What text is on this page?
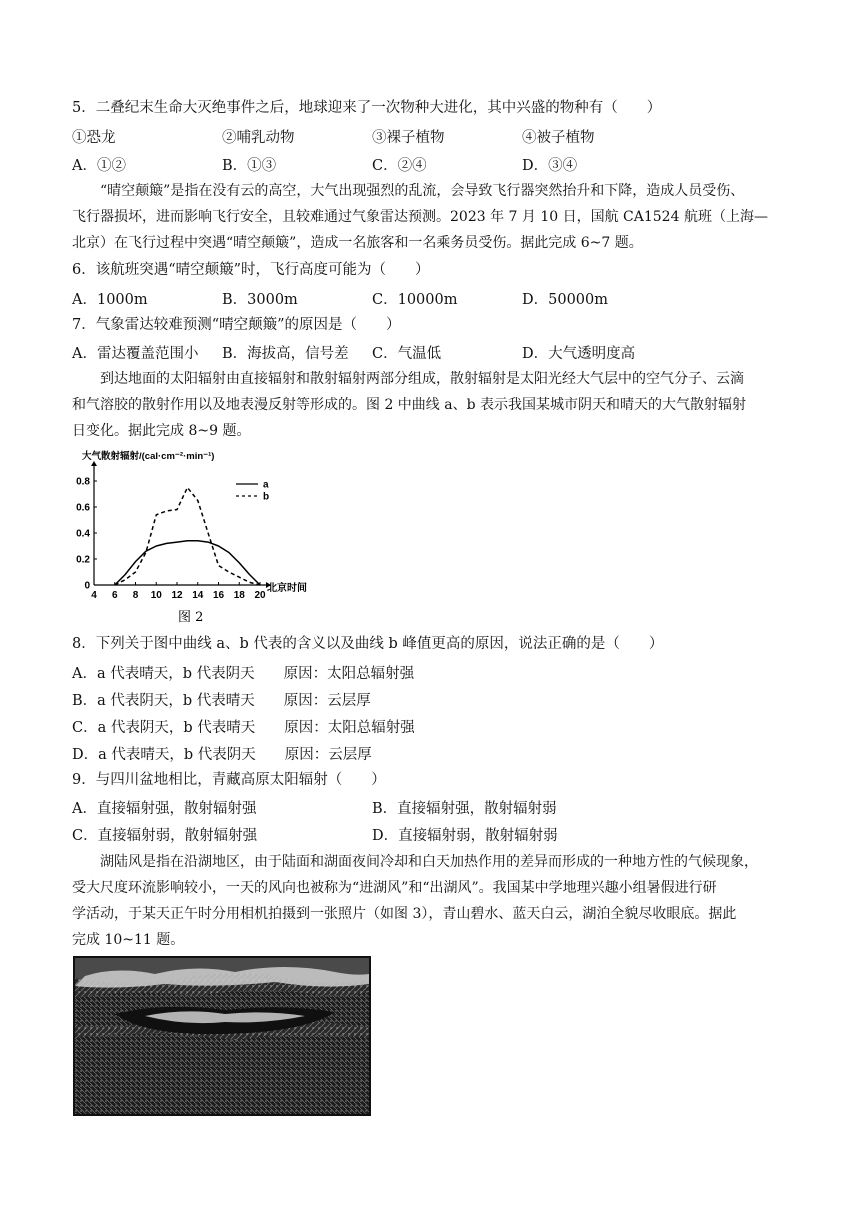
5．二叠纪末生命大灭绝事件之后，地球迎来了一次物种大进化，其中兴盛的物种有（　　）
①恐龙	②哺乳动物	③裸子植物	④被子植物
A．①②	B．①③	C．②④	D．③④
“晴空颠簸”是指在没有云的高空，大气出现强烈的乱流，会导致飞行器突然抬升和下降，造成人员受伤、
飞行器损坏，进而影响飞行安全，且较难通过气象雷达预测。2023 年 7 月 10 日，国航 CA1524 航班（上海—
北京）在飞行过程中突遇“晴空颠簸”，造成一名旅客和一名乘务员受伤。据此完成 6~7 题。
6．该航班突遇“晴空颠簸”时，飞行高度可能为（　　）
A．1000m	B．3000m	C．10000m	D．50000m
7．气象雷达较难预测“晴空颠簸”的原因是（　　）
A．雷达覆盖范围小 B．海拔高，信号差 C．气温低	D．大气透明度高
到达地面的太阳辐射由直接辐射和散射辐射两部分组成，散射辐射是太阳光经大气层中的空气分子、云滴
和气溶胶的散射作用以及地表漫反射等形成的。图 2 中曲线 a、b 表示我国某城市阴天和晴天的大气散射辐射
日变化。据此完成 8~9 题。
4 6 8 10 12 14 16 18 20
0
0.2
0.4
0.6
0.8	a
b
大气散射辐射/(cal·cm⁻²·min⁻¹)
北京时间
图 2
8．下列关于图中曲线 a、b 代表的含义以及曲线 b 峰值更高的原因，说法正确的是（　　）
A．a 代表晴天，b 代表阴天　　原因：太阳总辐射强
B．a 代表阴天，b 代表晴天　　原因：云层厚
C．a 代表阴天，b 代表晴天　　原因：太阳总辐射强
D．a 代表晴天，b 代表阴天　　原因：云层厚
9．与四川盆地相比，青藏高原太阳辐射（　　）
A．直接辐射强，散射辐射强	B．直接辐射强，散射辐射弱
C．直接辐射弱，散射辐射强	D．直接辐射弱，散射辐射弱
湖陆风是指在沿湖地区，由于陆面和湖面夜间冷却和白天加热作用的差异而形成的一种地方性的气候现象，
受大尺度环流影响较小，一天的风向也被称为“进湖风”和“出湖风”。我国某中学地理兴趣小组暑假进行研
学活动，于某天正午时分用相机拍摄到一张照片（如图 3），青山碧水、蓝天白云，湖泊全貌尽收眼底。据此
完成 10~11 题。
